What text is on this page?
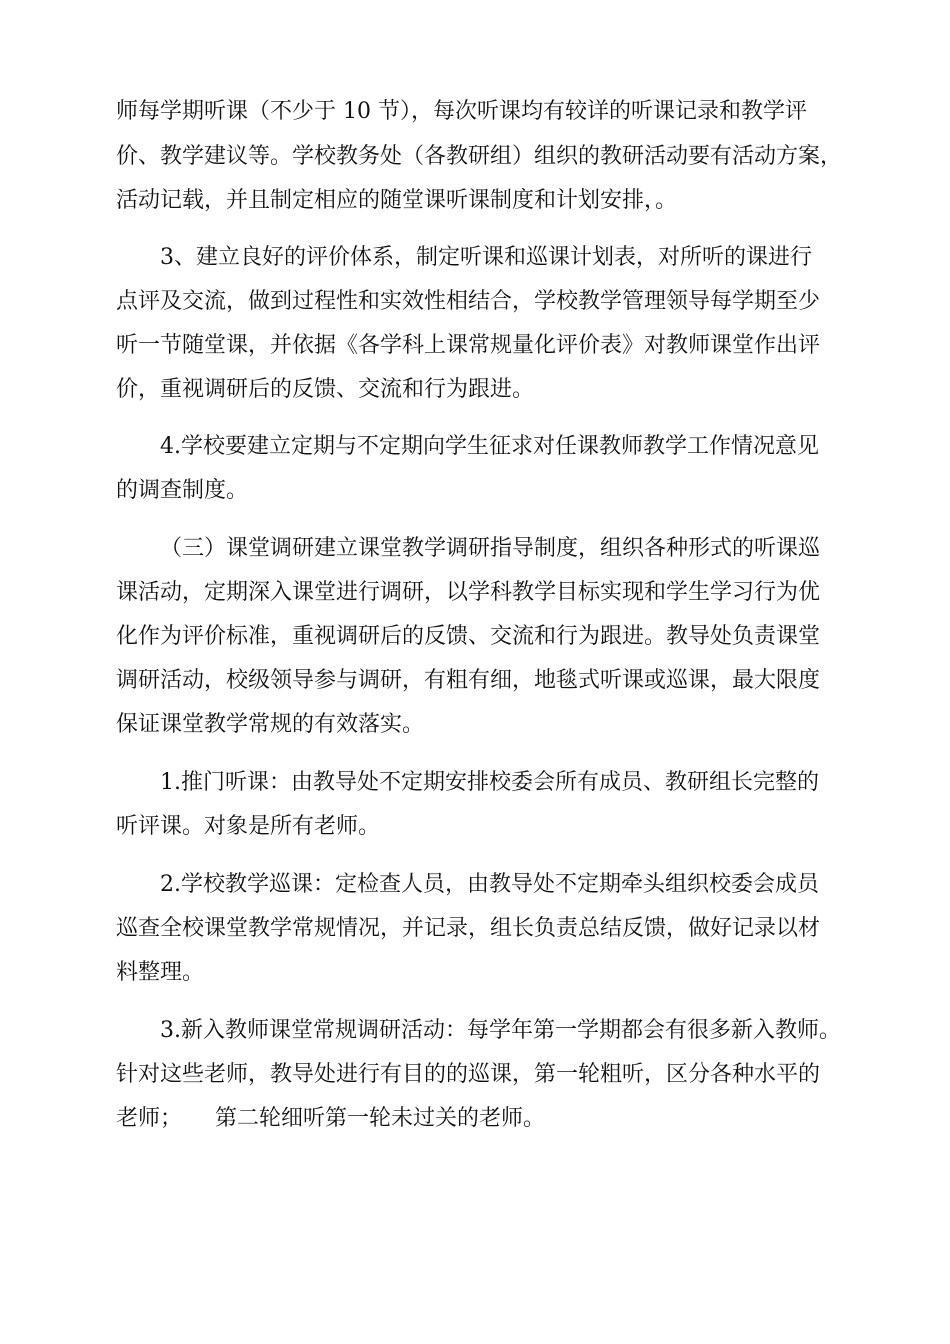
师每学期听课（不少于 10 节），每次听课均有较详的听课记录和教学评
价、教学建议等。学校教务处（各教研组）组织的教研活动要有活动方案，
活动记载，并且制定相应的随堂课听课制度和计划安排，。
3、建立良好的评价体系，制定听课和巡课计划表，对所听的课进行
点评及交流，做到过程性和实效性相结合，学校教学管理领导每学期至少
听一节随堂课，并依据《各学科上课常规量化评价表》对教师课堂作出评
价，重视调研后的反馈、交流和行为跟进。
4.学校要建立定期与不定期向学生征求对任课教师教学工作情况意见
的调查制度。
（三）课堂调研建立课堂教学调研指导制度，组织各种形式的听课巡
课活动，定期深入课堂进行调研，以学科教学目标实现和学生学习行为优
化作为评价标准，重视调研后的反馈、交流和行为跟进。教导处负责课堂
调研活动，校级领导参与调研，有粗有细，地毯式听课或巡课，最大限度
保证课堂教学常规的有效落实。
1.推门听课：由教导处不定期安排校委会所有成员、教研组长完整的
听评课。对象是所有老师。
2.学校教学巡课：定检查人员，由教导处不定期牵头组织校委会成员
巡查全校课堂教学常规情况，并记录，组长负责总结反馈，做好记录以材
料整理。
3.新入教师课堂常规调研活动：每学年第一学期都会有很多新入教师。
针对这些老师，教导处进行有目的的巡课，第一轮粗听，区分各种水平的
老师；　　第二轮细听第一轮未过关的老师。
